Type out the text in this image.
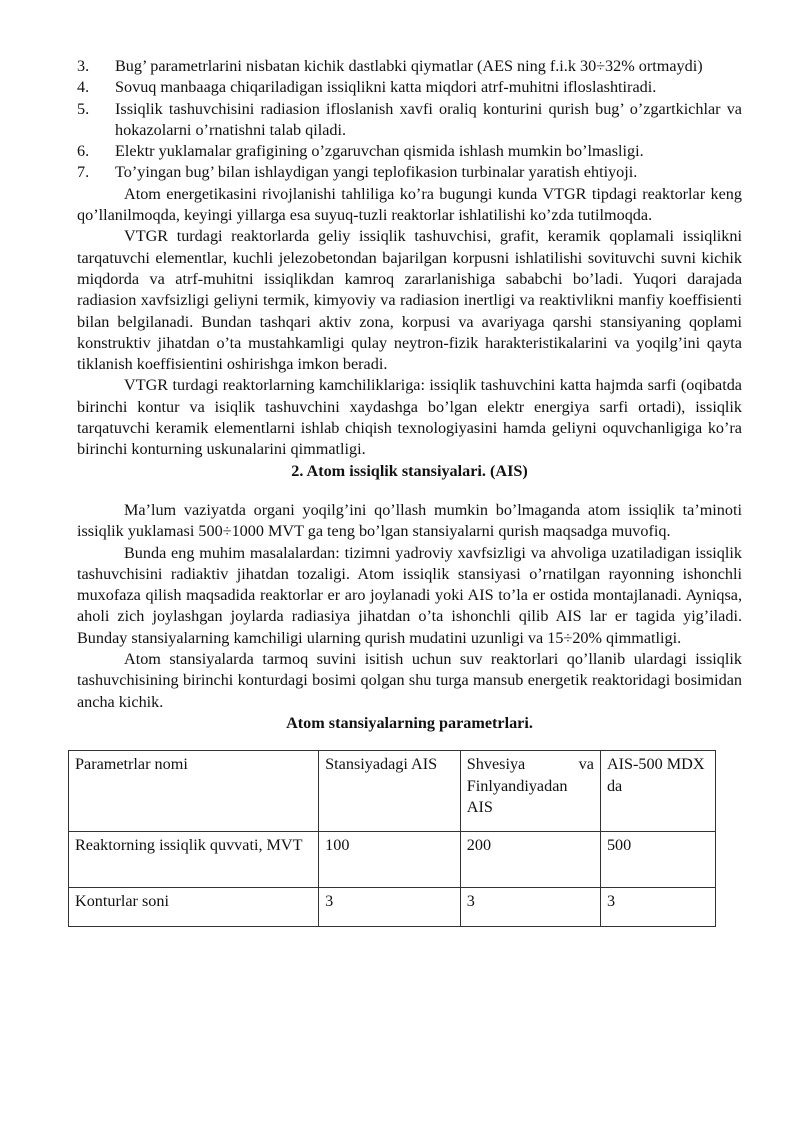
3.	Bug’ parametrlarini nisbatan kichik dastlabki qiymatlar (AES ning f.i.k 30÷32% ortmaydi)
4.	Sovuq manbaaga chiqariladigan issiqlikni katta miqdori atrf-muhitni ifloslashtiradi.
5.	Issiqlik tashuvchisini radiasion ifloslanish xavfi oraliq konturini qurish bug’ o’zgartkichlar va hokazolarni o’rnatishni talab qiladi.
6.	Elektr yuklamalar grafigining o’zgaruvchan qismida ishlash mumkin bo’lmasligi.
7.	To’yingan bug’ bilan ishlaydigan yangi teplofikasion turbinalar yaratish ehtiyoji.

Atom energetikasini rivojlanishi tahliliga ko’ra bugungi kunda VTGR tipdagi reaktorlar keng qo’llanilmoqda, keyingi yillarga esa suyuq-tuzli reaktorlar ishlatilishi ko’zda tutilmoqda.

VTGR turdagi reaktorlarda geliy issiqlik tashuvchisi, grafit, keramik qoplamali issiqlikni tarqatuvchi elementlar, kuchli jelezobetondan bajarilgan korpusni ishlatilishi sovituvchi suvni kichik miqdorda va atrf-muhitni issiqlikdan kamroq zararlanishiga sababchi bo’ladi. Yuqori darajada radiasion xavfsizligi geliyni termik, kimyoviy va radiasion inertligi va reaktivlikni manfiy koeffisienti bilan belgilanadi. Bundan tashqari aktiv zona, korpusi va avariyaga qarshi stansiyaning qoplami konstruktiv jihatdan o’ta mustahkamligi qulay neytron-fizik harakteristikalarini va yoqilg’ini qayta tiklanish koeffisientini oshirishga imkon beradi.

VTGR turdagi reaktorlarning kamchiliklariga: issiqlik tashuvchini katta hajmda sarfi (oqibatda birinchi kontur va isiqlik tashuvchini xaydashga bo’lgan elektr energiya sarfi ortadi), issiqlik tarqatuvchi keramik elementlarni ishlab chiqish texnologiyasini hamda geliyni oquvchanligiga ko’ra birinchi konturning uskunalarini qimmatligi.

2. Atom issiqlik stansiyalari. (AIS)

Ma’lum vaziyatda organi yoqilg’ini qo’llash mumkin bo’lmaganda atom issiqlik ta’minoti issiqlik yuklamasi 500÷1000 MVT ga teng bo’lgan stansiyalarni qurish maqsadga muvofiq.

Bunda eng muhim masalalardan: tizimni yadroviy xavfsizligi va ahvoliga uzatiladigan issiqlik tashuvchisini radiaktiv jihatdan tozaligi. Atom issiqlik stansiyasi o’rnatilgan rayonning ishonchli muxofaza qilish maqsadida reaktorlar er aro joylanadi yoki AIS to’la er ostida montajlanadi. Ayniqsa, aholi zich joylashgan joylarda radiasiya jihatdan o’ta ishonchli qilib AIS lar er tagida yig’iladi. Bunday stansiyalarning kamchiligi ularning qurish mudatini uzunligi va 15÷20% qimmatligi.

Atom stansiyalarda tarmoq suvini isitish uchun suv reaktorlari qo’llanib ulardagi issiqlik tashuvchisining birinchi konturdagi bosimi qolgan shu turga mansub energetik reaktoridagi bosimidan ancha kichik.

Atom stansiyalarning parametrlari.
Parametrlar nomi	Stansiyadagi AIS	Shvesiya va Finlyandiyadan AIS	AIS-500 MDX da
Reaktorning issiqlik quvvati, MVT	100	200	500
Konturlar soni	3	3	3
